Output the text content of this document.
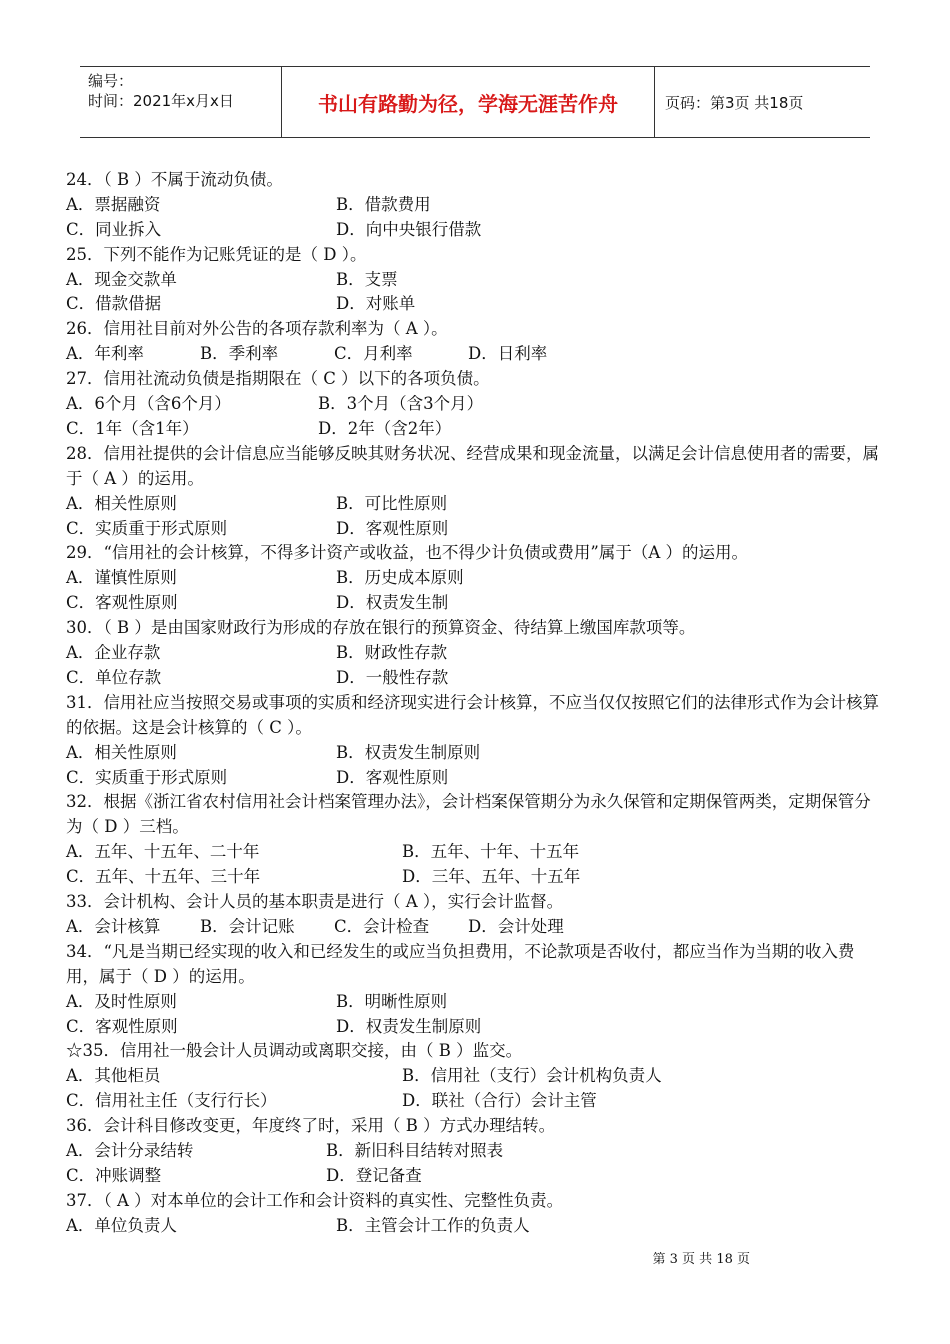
编号：
时间：2021年x月x日	书山有路勤为径，学海无涯苦作舟	页码：第3页 共18页
24．（ B ）不属于流动负债。
A．票据融资	B．借款费用
C．同业拆入	D．向中央银行借款
25．下列不能作为记账凭证的是（ D ）。
A．现金交款单	B．支票
C．借款借据	D．对账单
26．信用社目前对外公告的各项存款利率为（ A ）。
A．年利率	B．季利率	C．月利率	D．日利率
27．信用社流动负债是指期限在（ C ）以下的各项负债。
A．6个月（含6个月）	B．3个月（含3个月）
C．1年（含1年）	D．2年（含2年）
28．信用社提供的会计信息应当能够反映其财务状况、经营成果和现金流量，以满足会计信息使用者的需要，属于（ A ）的运用。
A．相关性原则	B．可比性原则
C．实质重于形式原则	D．客观性原则
29．“信用社的会计核算，不得多计资产或收益，也不得少计负债或费用”属于（A ）的运用。
A．谨慎性原则	B．历史成本原则
C．客观性原则	D．权责发生制
30．（ B ）是由国家财政行为形成的存放在银行的预算资金、待结算上缴国库款项等。
A．企业存款	B．财政性存款
C．单位存款	D．一般性存款
31．信用社应当按照交易或事项的实质和经济现实进行会计核算，不应当仅仅按照它们的法律形式作为会计核算的依据。这是会计核算的（ C ）。
A．相关性原则	B．权责发生制原则
C．实质重于形式原则	D．客观性原则
32．根据《浙江省农村信用社会计档案管理办法》，会计档案保管期分为永久保管和定期保管两类，定期保管分为（ D ）三档。
A．五年、十五年、二十年	B．五年、十年、十五年
C．五年、十五年、三十年	D．三年、五年、十五年
33．会计机构、会计人员的基本职责是进行（ A ），实行会计监督。
A．会计核算	B．会计记账	C．会计检查	D．会计处理
34．“凡是当期已经实现的收入和已经发生的或应当负担费用，不论款项是否收付，都应当作为当期的收入费用，属于（ D ）的运用。
A．及时性原则	B．明晰性原则
C．客观性原则	D．权责发生制原则
☆35．信用社一般会计人员调动或离职交接，由（ B ）监交。
A．其他柜员	B．信用社（支行）会计机构负责人
C．信用社主任（支行行长）	D．联社（合行）会计主管
36．会计科目修改变更，年度终了时，采用（ B ）方式办理结转。
A．会计分录结转	B．新旧科目结转对照表
C．冲账调整	D．登记备查
37．（ A ）对本单位的会计工作和会计资料的真实性、完整性负责。
A．单位负责人	B．主管会计工作的负责人
第 3 页 共 18 页
